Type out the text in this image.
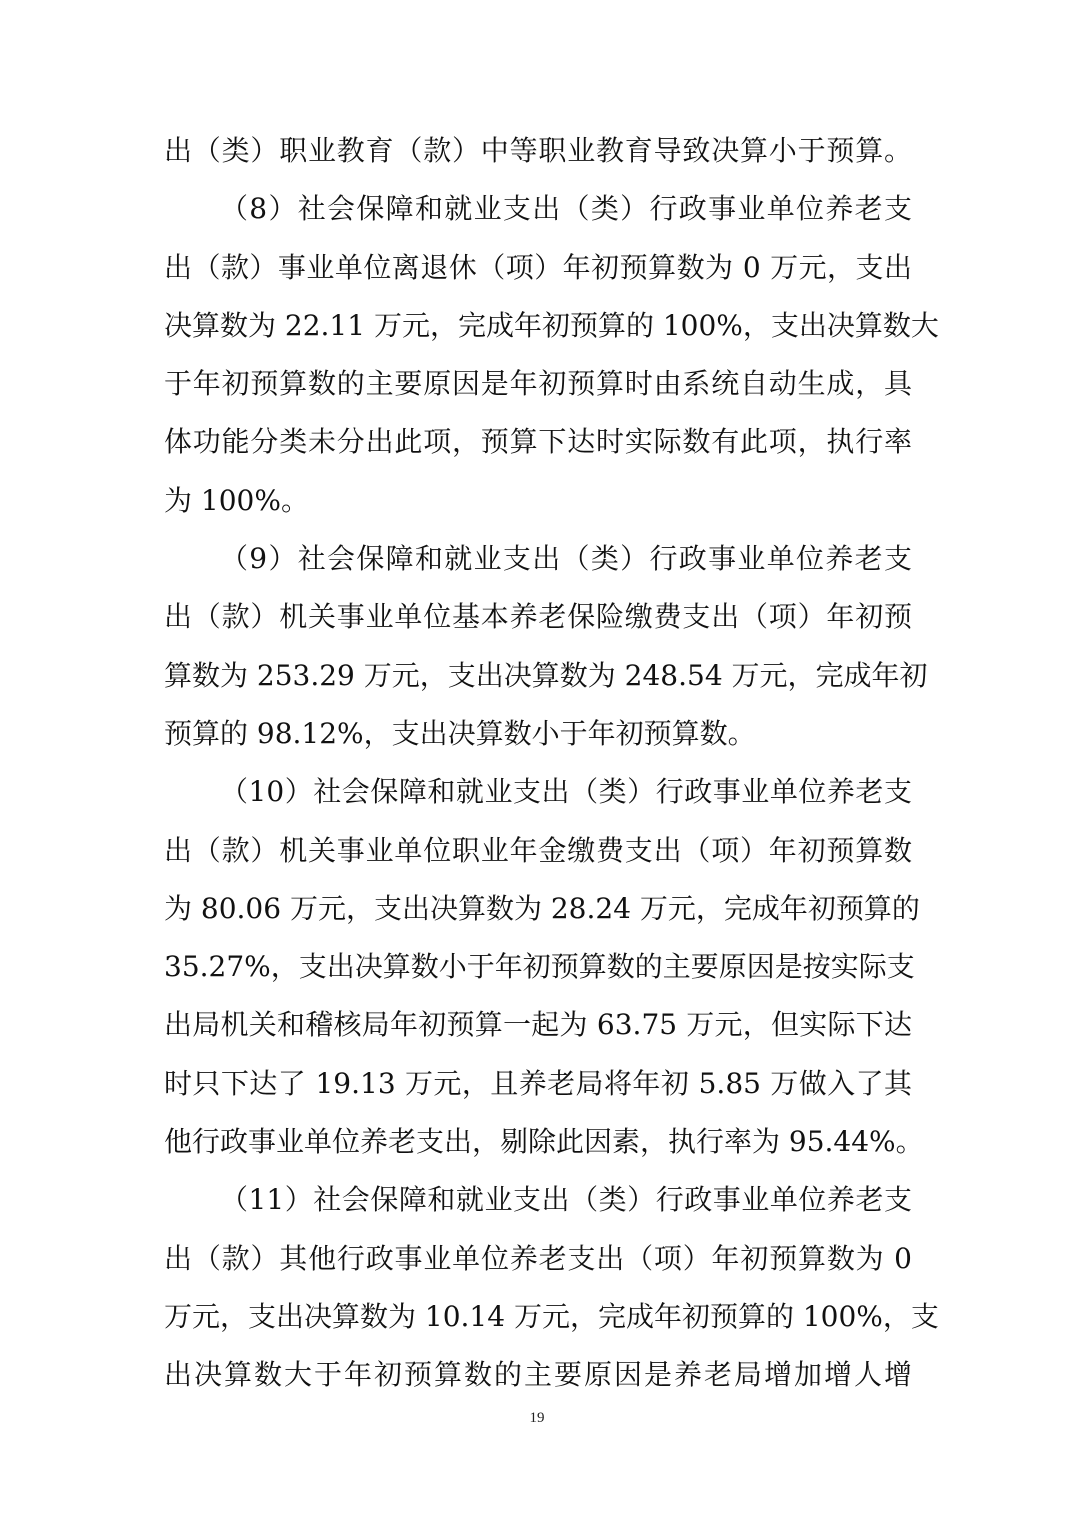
出（类）职业教育（款）中等职业教育导致决算小于预算。
（8）社会保障和就业支出（类）行政事业单位养老支
出（款）事业单位离退休（项）年初预算数为 0 万元，支出
决算数为 22.11 万元，完成年初预算的 100%，支出决算数大
于年初预算数的主要原因是年初预算时由系统自动生成，具
体功能分类未分出此项，预算下达时实际数有此项，执行率
为 100%。
（9）社会保障和就业支出（类）行政事业单位养老支
出（款）机关事业单位基本养老保险缴费支出（项）年初预
算数为 253.29 万元，支出决算数为 248.54 万元，完成年初
预算的 98.12%，支出决算数小于年初预算数。
（10）社会保障和就业支出（类）行政事业单位养老支
出（款）机关事业单位职业年金缴费支出（项）年初预算数
为 80.06 万元，支出决算数为 28.24 万元，完成年初预算的
35.27%，支出决算数小于年初预算数的主要原因是按实际支
出局机关和稽核局年初预算一起为 63.75 万元，但实际下达
时只下达了 19.13 万元，且养老局将年初 5.85 万做入了其
他行政事业单位养老支出，剔除此因素，执行率为 95.44%。
（11）社会保障和就业支出（类）行政事业单位养老支
出（款）其他行政事业单位养老支出（项）年初预算数为 0
万元，支出决算数为 10.14 万元，完成年初预算的 100%，支
出决算数大于年初预算数的主要原因是养老局增加增人增
19
